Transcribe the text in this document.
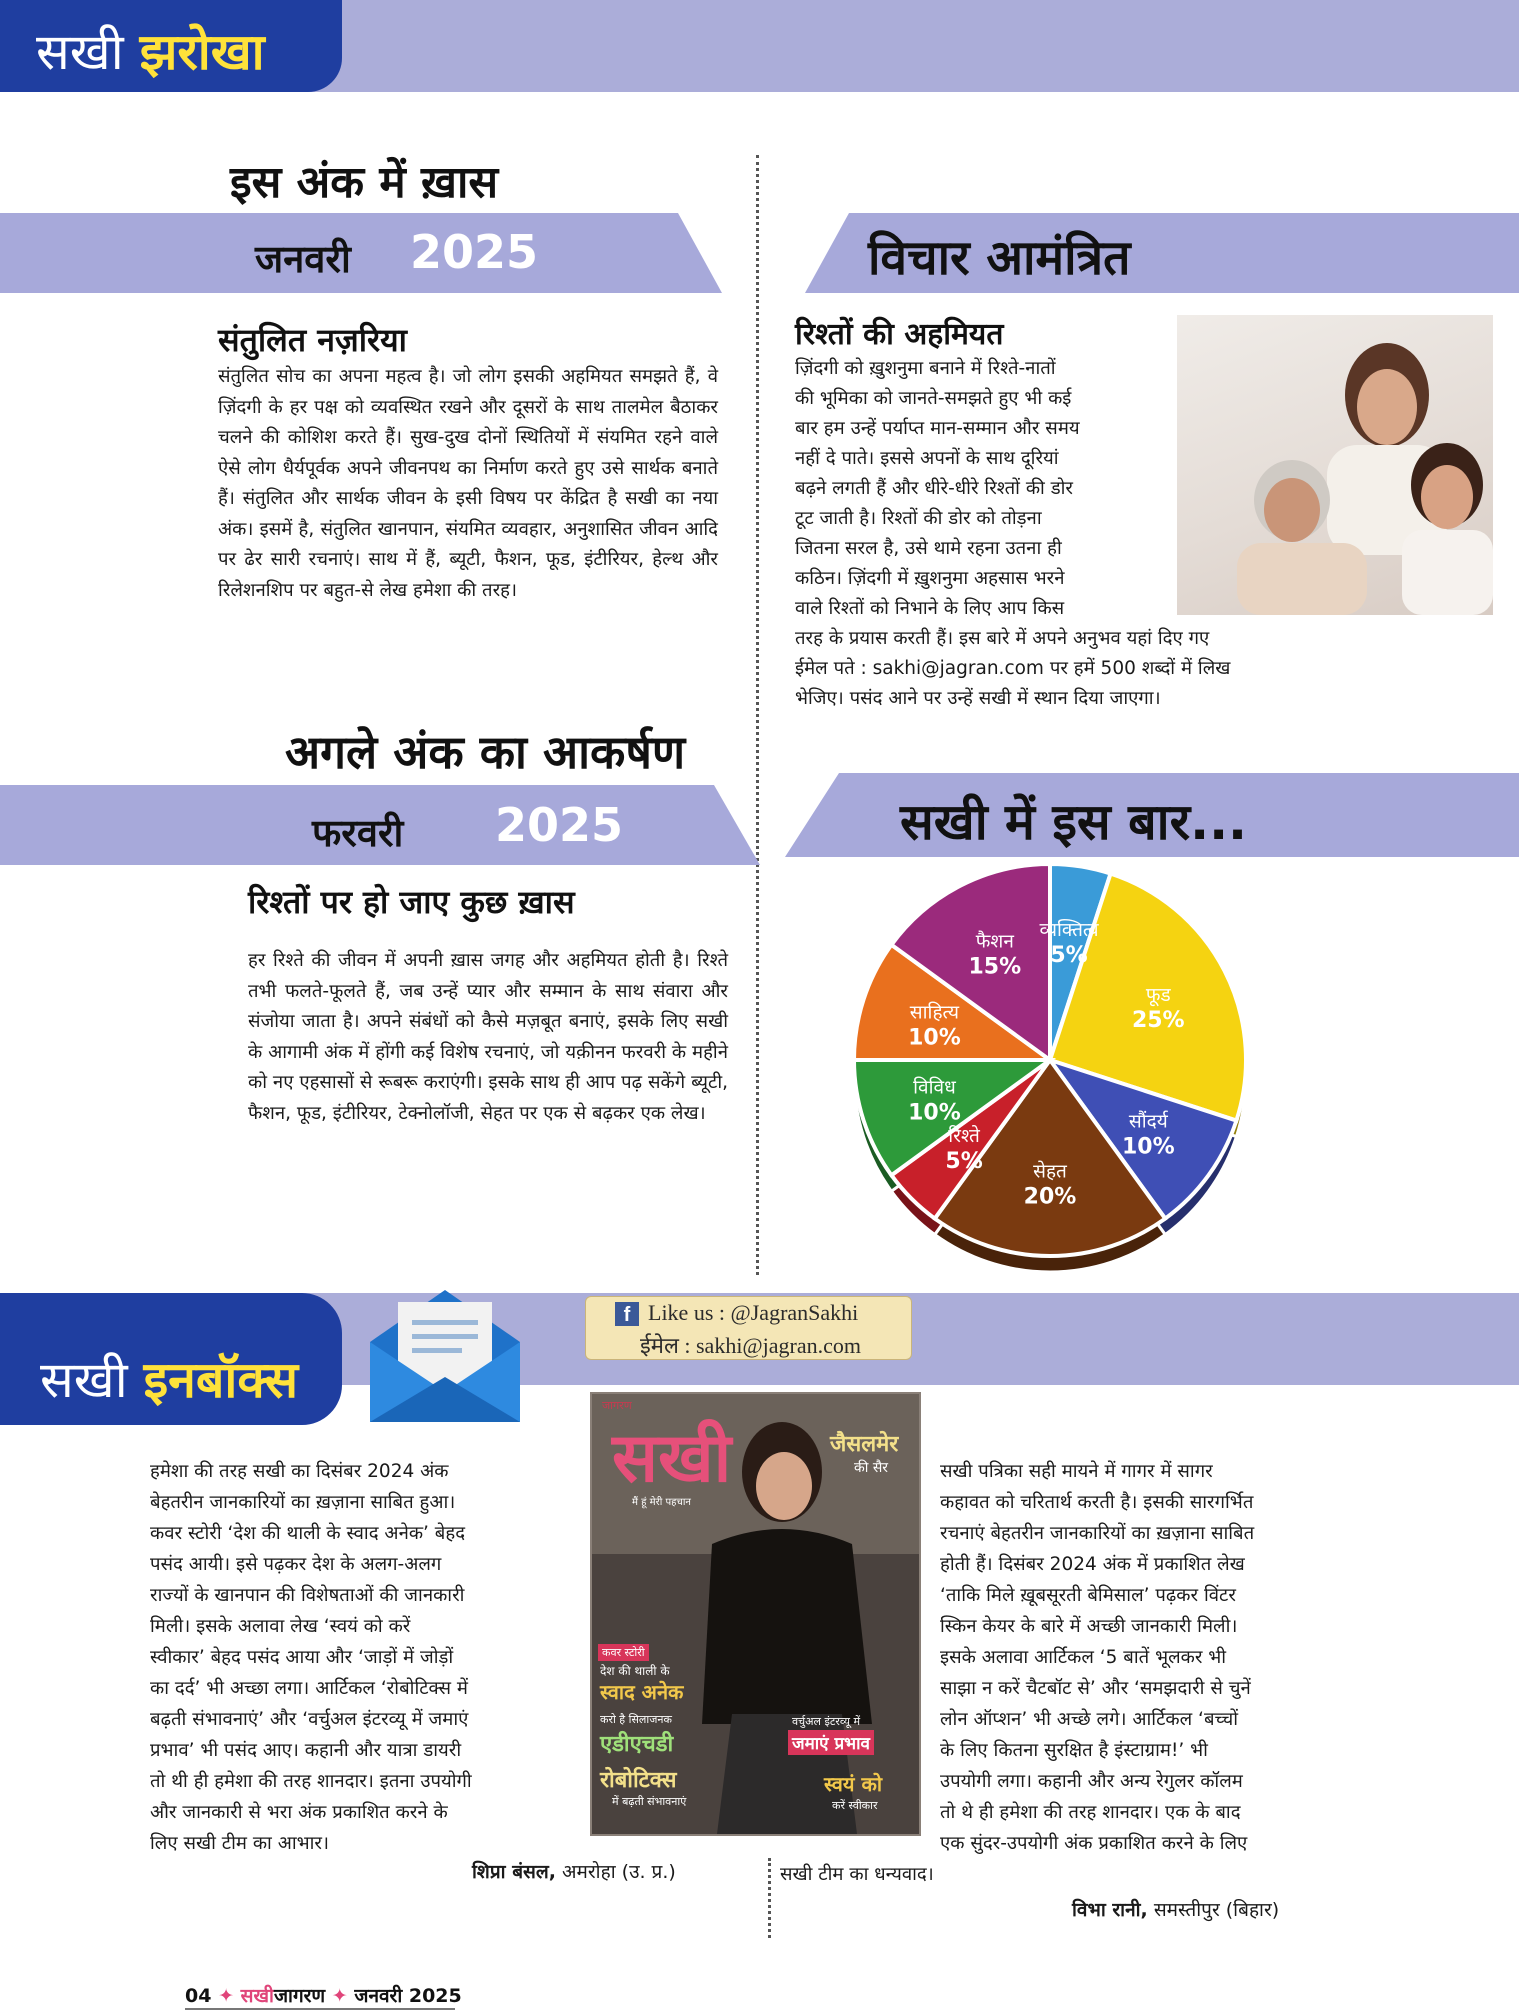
सखी झरोखा
इस अंक में ख़ास
जनवरी 2025
संतुलित नज़रिया
संतुलित सोच का अपना महत्व है। जो लोग इसकी अहमियत समझते हैं, वे ज़िंदगी के हर पक्ष को व्यवस्थित रखने और दूसरों के साथ तालमेल बैठाकर चलने की कोशिश करते हैं। सुख-दुख दोनों स्थितियों में संयमित रहने वाले ऐसे लोग धैर्यपूर्वक अपने जीवनपथ का निर्माण करते हुए उसे सार्थक बनाते हैं। संतुलित और सार्थक जीवन के इसी विषय पर केंद्रित है सखी का नया अंक। इसमें है, संतुलित खानपान, संयमित व्यवहार, अनुशासित जीवन आदि पर ढेर सारी रचनाएं। साथ में हैं, ब्यूटी, फैशन, फूड, इंटीरियर, हेल्थ और रिलेशनशिप पर बहुत-से लेख हमेशा की तरह।
अगले अंक का आकर्षण
फरवरी 2025
रिश्तों पर हो जाए कुछ ख़ास
हर रिश्ते की जीवन में अपनी ख़ास जगह और अहमियत होती है। रिश्ते तभी फलते-फूलते हैं, जब उन्हें प्यार और सम्मान के साथ संवारा और संजोया जाता है। अपने संबंधों को कैसे मज़बूत बनाएं, इसके लिए सखी के आगामी अंक में होंगी कई विशेष रचनाएं, जो यक़ीनन फरवरी के महीने को नए एहसासों से रूबरू कराएंगी। इसके साथ ही आप पढ़ सकेंगे ब्यूटी, फैशन, फूड, इंटीरियर, टेक्नोलॉजी, सेहत पर एक से बढ़कर एक लेख।
विचार आमंत्रित
रिश्तों की अहमियत
ज़िंदगी को ख़ुशनुमा बनाने में रिश्ते-नातों
की भूमिका को जानते-समझते हुए भी कई
बार हम उन्हें पर्याप्त मान-सम्मान और समय
नहीं दे पाते। इससे अपनों के साथ दूरियां
बढ़ने लगती हैं और धीरे-धीरे रिश्तों की डोर
टूट जाती है। रिश्तों की डोर को तोड़ना
जितना सरल है, उसे थामे रहना उतना ही
कठिन। ज़िंदगी में ख़ुशनुमा अहसास भरने
वाले रिश्तों को निभाने के लिए आप किस
तरह के प्रयास करती हैं। इस बारे में अपने अनुभव यहां दिए गए
ईमेल पते : sakhi@jagran.com पर हमें 500 शब्दों में लिख
भेजिए। पसंद आने पर उन्हें सखी में स्थान दिया जाएगा।
सखी में इस बार...
व्यक्तित्व
5%
फूड
25%
सौंदर्य
10%
सेहत
20%
रिश्ते
5%
विविध
10%
साहित्य
10%
फैशन
15%
सखी इनबॉक्स
f Like us : @JagranSakhi
ईमेल : sakhi@jagran.com
जागरण
सखी
मैं हूं मेरी पहचान
जैसलमेर
की सैर
कवर स्टोरी
देश की थाली के
स्वाद अनेक
करो है सिलाजनक
एडीएचडी
रोबोटिक्स
में बढ़ती संभावनाएं
वर्चुअल इंटरव्यू में
जमाएं प्रभाव
स्वयं को
करें स्वीकार
हमेशा की तरह सखी का दिसंबर 2024 अंक
बेहतरीन जानकारियों का ख़ज़ाना साबित हुआ।
कवर स्टोरी ‘देश की थाली के स्वाद अनेक’ बेहद
पसंद आयी। इसे पढ़कर देश के अलग-अलग
राज्यों के खानपान की विशेषताओं की जानकारी
मिली। इसके अलावा लेख ‘स्वयं को करें
स्वीकार’ बेहद पसंद आया और ‘जाड़ों में जोड़ों
का दर्द’ भी अच्छा लगा। आर्टिकल ‘रोबोटिक्स में
बढ़ती संभावनाएं’ और ‘वर्चुअल इंटरव्यू में जमाएं
प्रभाव’ भी पसंद आए। कहानी और यात्रा डायरी
तो थी ही हमेशा की तरह शानदार। इतना उपयोगी
और जानकारी से भरा अंक प्रकाशित करने के
लिए सखी टीम का आभार।
शिप्रा बंसल, अमरोहा (उ. प्र.)
सखी पत्रिका सही मायने में गागर में सागर
कहावत को चरितार्थ करती है। इसकी सारगर्भित
रचनाएं बेहतरीन जानकारियों का ख़ज़ाना साबित
होती हैं। दिसंबर 2024 अंक में प्रकाशित लेख
‘ताकि मिले ख़ूबसूरती बेमिसाल’ पढ़कर विंटर
स्किन केयर के बारे में अच्छी जानकारी मिली।
इसके अलावा आर्टिकल ‘5 बातें भूलकर भी
साझा न करें चैटबॉट से’ और ‘समझदारी से चुनें
लोन ऑप्शन’ भी अच्छे लगे। आर्टिकल ‘बच्चों
के लिए कितना सुरक्षित है इंस्टाग्राम!’ भी
उपयोगी लगा। कहानी और अन्य रेगुलर कॉलम
तो थे ही हमेशा की तरह शानदार। एक के बाद
एक सुंदर-उपयोगी अंक प्रकाशित करने के लिए
सखी टीम का धन्यवाद।
विभा रानी, समस्तीपुर (बिहार)
04 ✦ सखीजागरण ✦ जनवरी 2025
